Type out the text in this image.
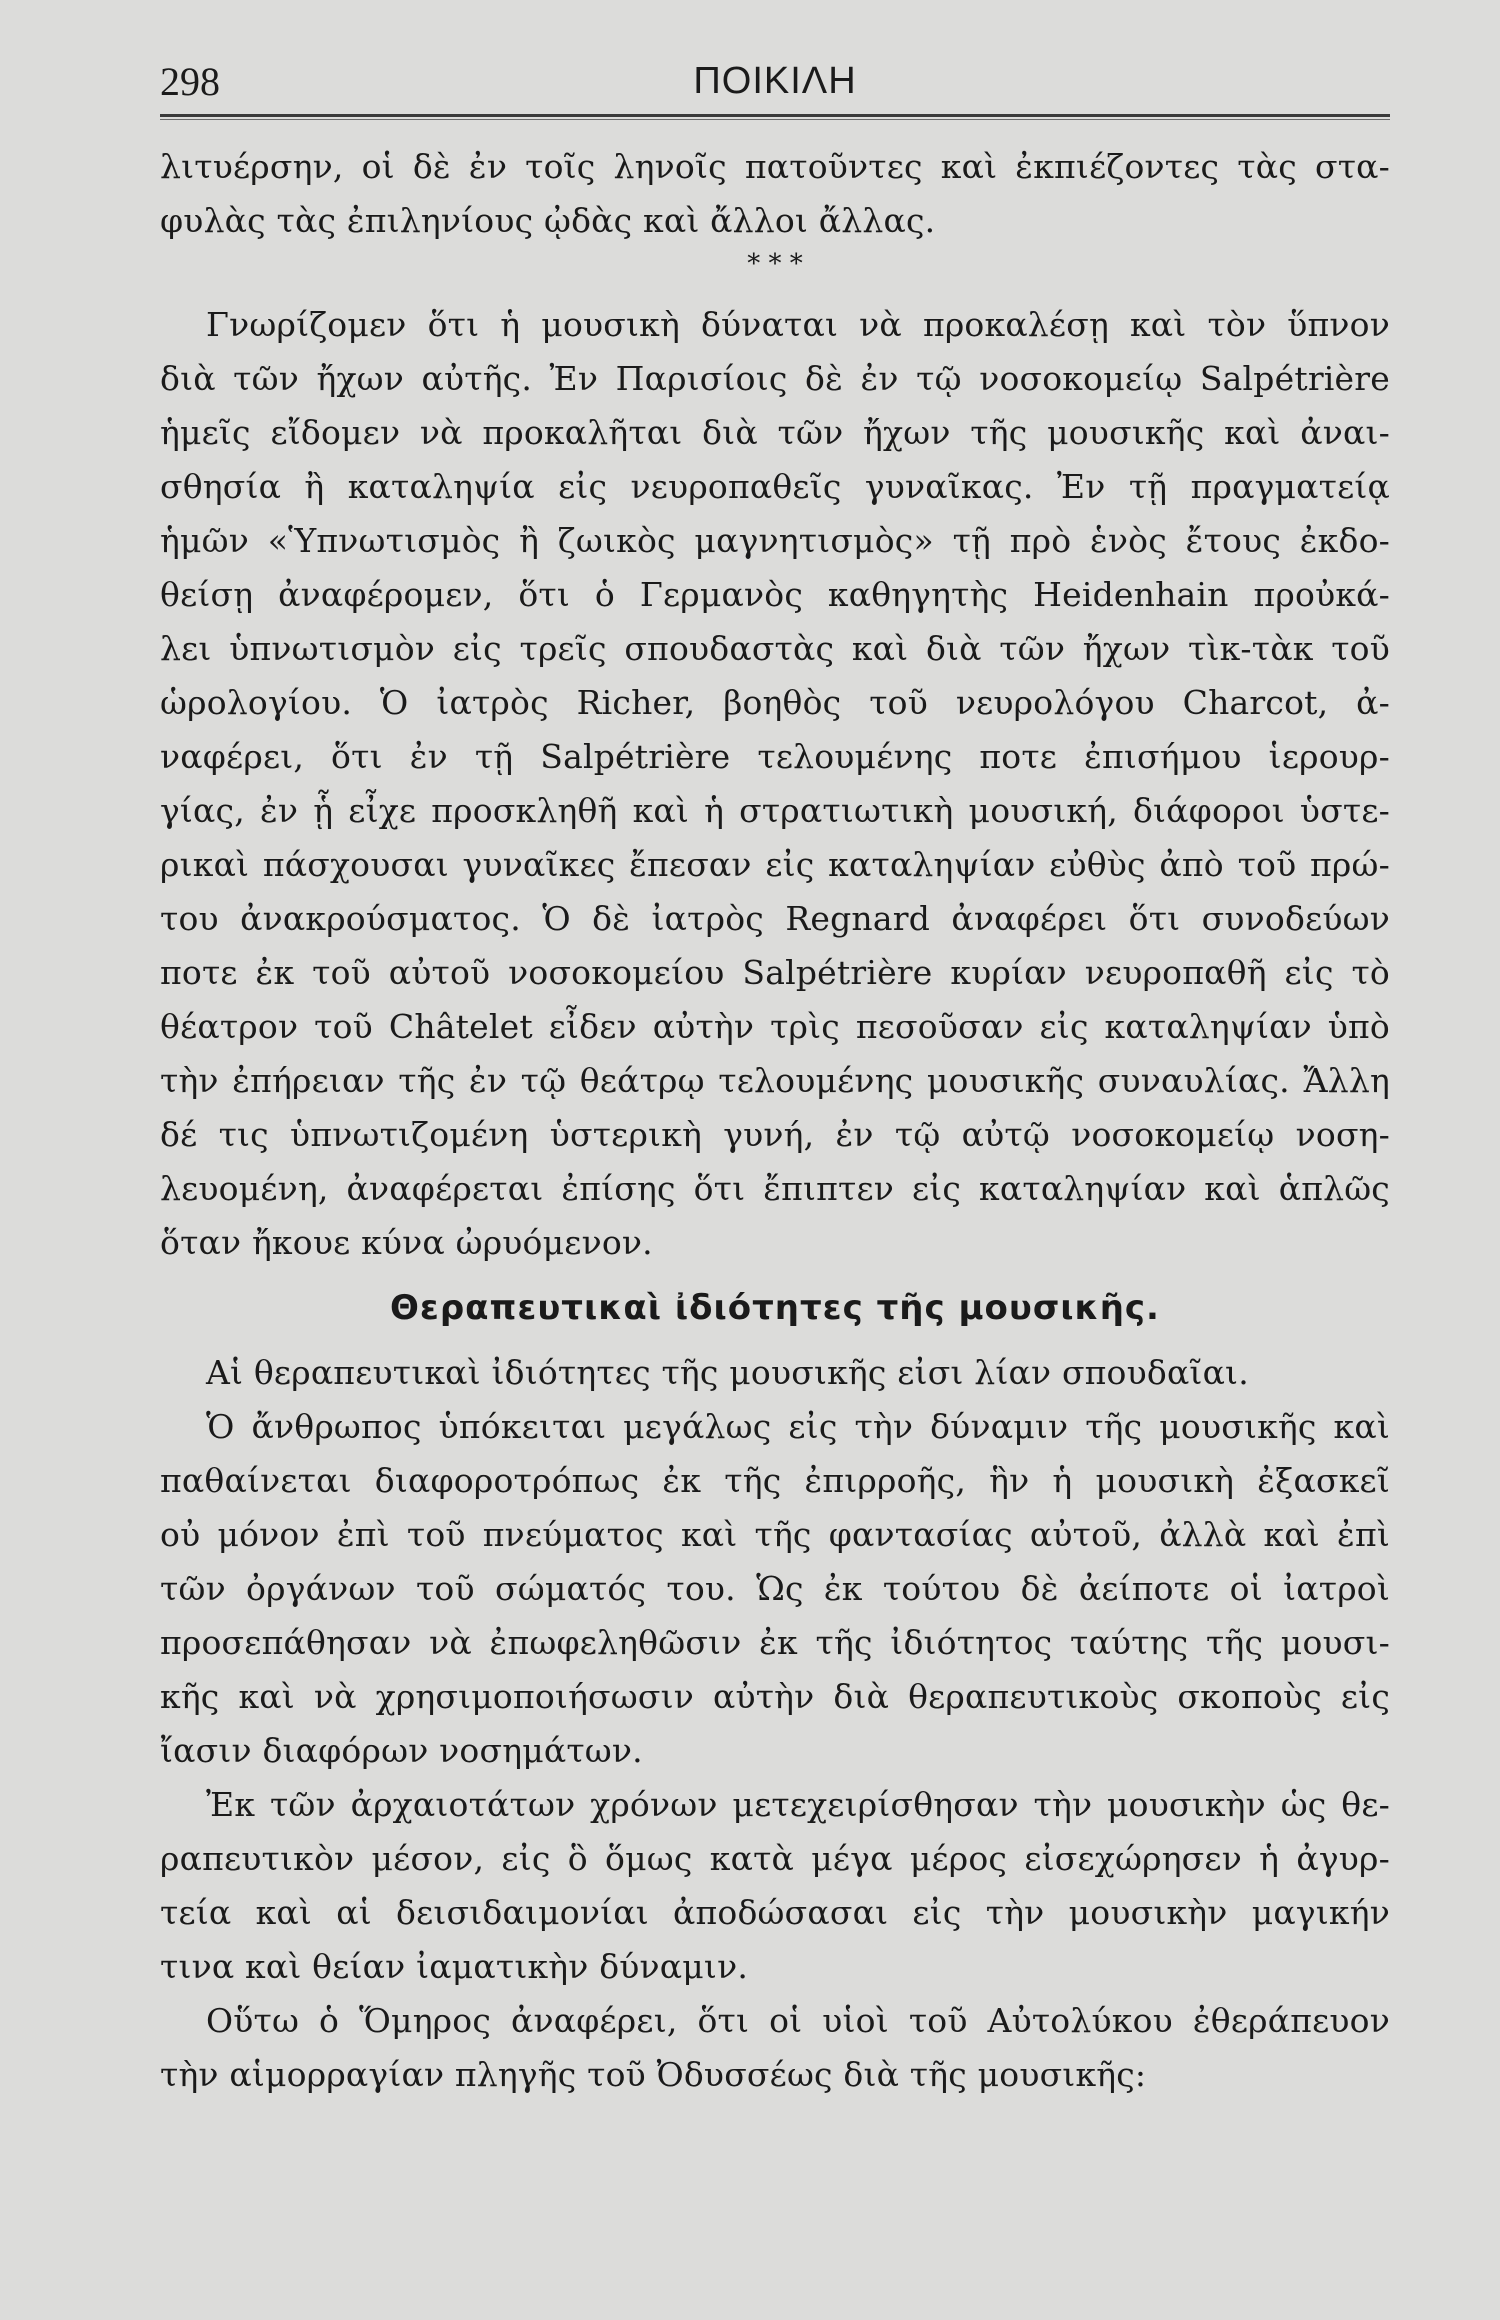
298	ΠΟΙΚΙΛΗ
λιτυέρσην, οἱ δὲ ἐν τοῖς ληνοῖς πατοῦντες καὶ ἐκπιέζοντες τὰς στα-
φυλὰς τὰς ἐπιληνίους ᾠδὰς καὶ ἄλλοι ἄλλας.
* * *
Γνωρίζομεν ὅτι ἡ μουσικὴ δύναται νὰ προκαλέσῃ καὶ τὸν ὕπνον
διὰ τῶν ἤχων αὐτῆς. Ἐν Παρισίοις δὲ ἐν τῷ νοσοκομείῳ Salpétrière
ἡμεῖς εἴδομεν νὰ προκαλῆται διὰ τῶν ἤχων τῆς μουσικῆς καὶ ἀναι-
σθησία ἢ καταληψία εἰς νευροπαθεῖς γυναῖκας. Ἐν τῇ πραγματείᾳ
ἡμῶν «Ὑπνωτισμὸς ἢ ζωικὸς μαγνητισμὸς» τῇ πρὸ ἑνὸς ἔτους ἐκδο-
θείσῃ ἀναφέρομεν, ὅτι ὁ Γερμανὸς καθηγητὴς Heidenhain προὐκά-
λει ὑπνωτισμὸν εἰς τρεῖς σπουδαστὰς καὶ διὰ τῶν ἤχων τὶκ-τὰκ τοῦ
ὡρολογίου. Ὁ ἰατρὸς Richer, βοηθὸς τοῦ νευρολόγου Charcot, ἀ-
ναφέρει, ὅτι ἐν τῇ Salpétrière τελουμένης ποτε ἐπισήμου ἱερουρ-
γίας, ἐν ᾗ εἶχε προσκληθῆ καὶ ἡ στρατιωτικὴ μουσική, διάφοροι ὑστε-
ρικαὶ πάσχουσαι γυναῖκες ἔπεσαν εἰς καταληψίαν εὐθὺς ἀπὸ τοῦ πρώ-
του ἀνακρούσματος. Ὁ δὲ ἰατρὸς Regnard ἀναφέρει ὅτι συνοδεύων
ποτε ἐκ τοῦ αὐτοῦ νοσοκομείου Salpétrière κυρίαν νευροπαθῆ εἰς τὸ
θέατρον τοῦ Châtelet εἶδεν αὐτὴν τρὶς πεσοῦσαν εἰς καταληψίαν ὑπὸ
τὴν ἐπήρειαν τῆς ἐν τῷ θεάτρῳ τελουμένης μουσικῆς συναυλίας. Ἄλλη
δέ τις ὑπνωτιζομένη ὑστερικὴ γυνή, ἐν τῷ αὐτῷ νοσοκομείῳ νοση-
λευομένη, ἀναφέρεται ἐπίσης ὅτι ἔπιπτεν εἰς καταληψίαν καὶ ἁπλῶς
ὅταν ἤκουε κύνα ὠρυόμενον.
Θεραπευτικαὶ ἰδιότητες τῆς μουσικῆς.
Αἱ θεραπευτικαὶ ἰδιότητες τῆς μουσικῆς εἰσι λίαν σπουδαῖαι.
Ὁ ἄνθρωπος ὑπόκειται μεγάλως εἰς τὴν δύναμιν τῆς μουσικῆς καὶ
παθαίνεται διαφοροτρόπως ἐκ τῆς ἐπιρροῆς, ἣν ἡ μουσικὴ ἐξασκεῖ
οὐ μόνον ἐπὶ τοῦ πνεύματος καὶ τῆς φαντασίας αὐτοῦ, ἀλλὰ καὶ ἐπὶ
τῶν ὀργάνων τοῦ σώματός του. Ὡς ἐκ τούτου δὲ ἀείποτε οἱ ἰατροὶ
προσεπάθησαν νὰ ἐπωφεληθῶσιν ἐκ τῆς ἰδιότητος ταύτης τῆς μουσι-
κῆς καὶ νὰ χρησιμοποιήσωσιν αὐτὴν διὰ θεραπευτικοὺς σκοποὺς εἰς
ἴασιν διαφόρων νοσημάτων.
Ἐκ τῶν ἀρχαιοτάτων χρόνων μετεχειρίσθησαν τὴν μουσικὴν ὡς θε-
ραπευτικὸν μέσον, εἰς ὃ ὅμως κατὰ μέγα μέρος εἰσεχώρησεν ἡ ἀγυρ-
τεία καὶ αἱ δεισιδαιμονίαι ἀποδώσασαι εἰς τὴν μουσικὴν μαγικήν
τινα καὶ θείαν ἰαματικὴν δύναμιν.
Οὕτω ὁ Ὅμηρος ἀναφέρει, ὅτι οἱ υἱοὶ τοῦ Αὐτολύκου ἐθεράπευον
τὴν αἱμορραγίαν πληγῆς τοῦ Ὀδυσσέως διὰ τῆς μουσικῆς:
